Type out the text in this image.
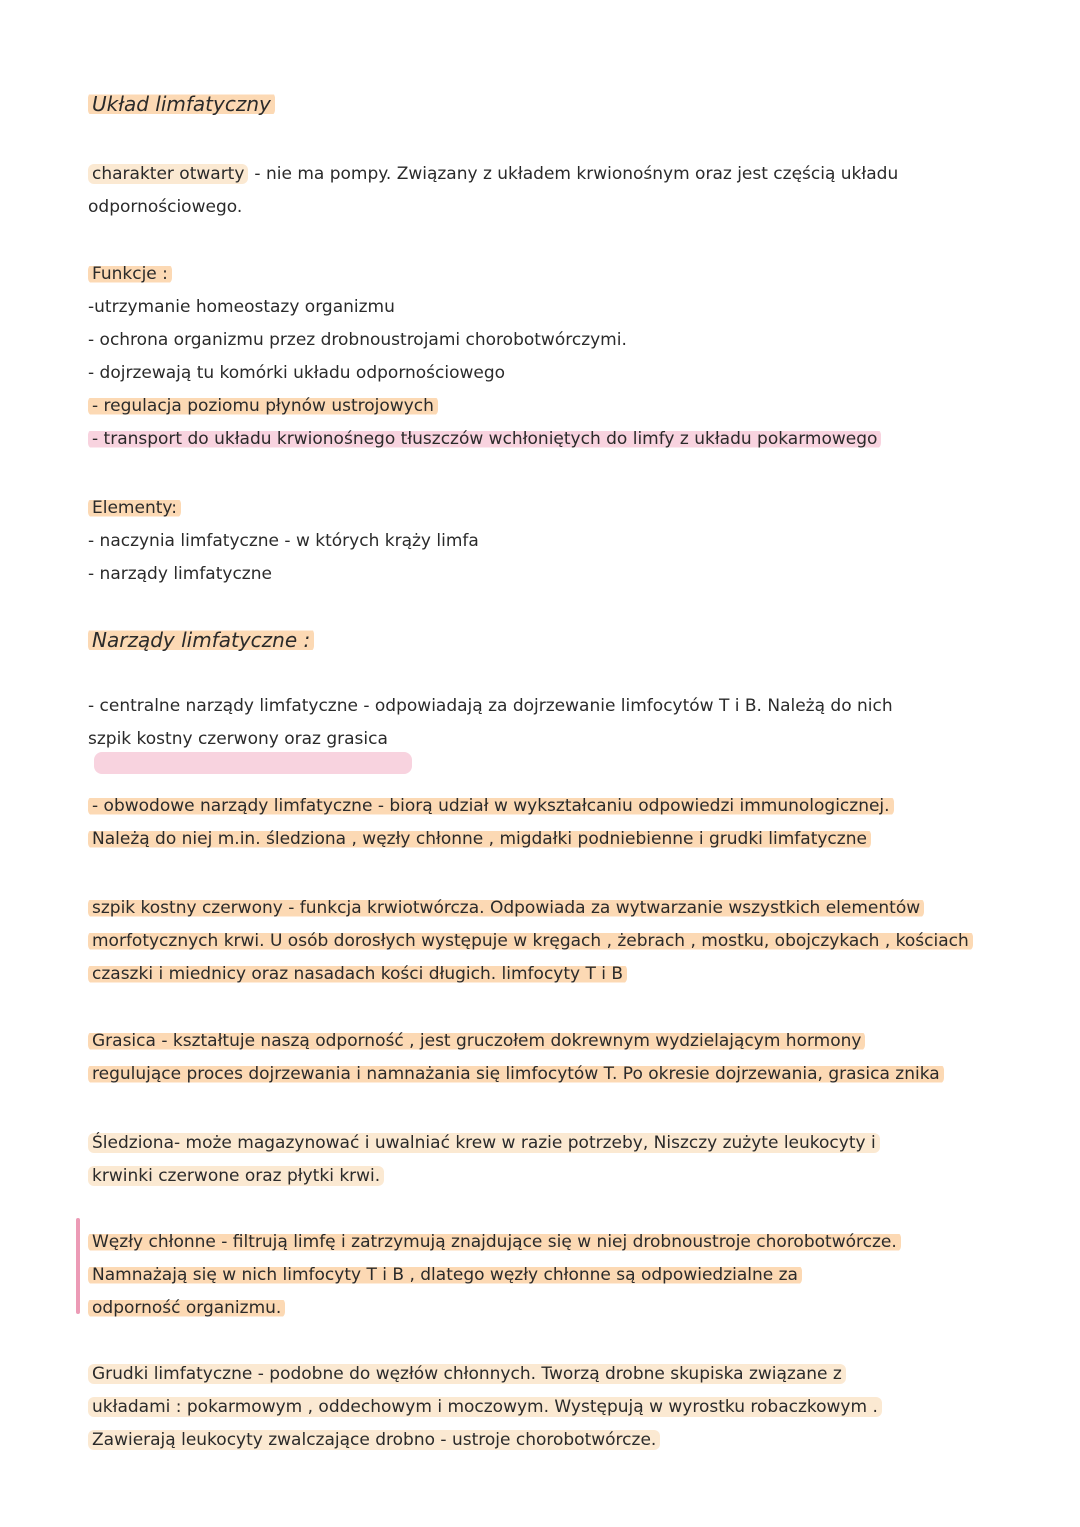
Układ limfatyczny
charakter otwarty - nie ma pompy. Związany z układem krwionośnym oraz jest częścią układu
odpornościowego.
Funkcje :
-utrzymanie homeostazy organizmu
- ochrona organizmu przez drobnoustrojami chorobotwórczymi.
- dojrzewają tu komórki układu odpornościowego
- regulacja poziomu płynów ustrojowych
- transport do układu krwionośnego tłuszczów wchłoniętych do limfy z układu pokarmowego
Elementy:
- naczynia limfatyczne - w których krąży limfa
- narządy limfatyczne
Narządy limfatyczne :
- centralne narządy limfatyczne - odpowiadają za dojrzewanie limfocytów T i B. Należą do nich
szpik kostny czerwony oraz grasica
- obwodowe narządy limfatyczne - biorą udział w wykształcaniu odpowiedzi immunologicznej.
Należą do niej m.in. śledziona , węzły chłonne , migdałki podniebienne i grudki limfatyczne
szpik kostny czerwony - funkcja krwiotwórcza. Odpowiada za wytwarzanie wszystkich elementów
morfotycznych krwi. U osób dorosłych występuje w kręgach , żebrach , mostku, obojczykach , kościach
czaszki i miednicy oraz nasadach kości długich. limfocyty T i B
Grasica - kształtuje naszą odporność , jest gruczołem dokrewnym wydzielającym hormony
regulujące proces dojrzewania i namnażania się limfocytów T. Po okresie dojrzewania, grasica znika
Śledziona- może magazynować i uwalniać krew w razie potrzeby, Niszczy zużyte leukocyty i
krwinki czerwone oraz płytki krwi.
Węzły chłonne - filtrują limfę i zatrzymują znajdujące się w niej drobnoustroje chorobotwórcze.
Namnażają się w nich limfocyty T i B , dlatego węzły chłonne są odpowiedzialne za
odporność organizmu.
Grudki limfatyczne - podobne do węzłów chłonnych. Tworzą drobne skupiska związane z
układami : pokarmowym , oddechowym i moczowym. Występują w wyrostku robaczkowym .
Zawierają leukocyty zwalczające drobno - ustroje chorobotwórcze.
